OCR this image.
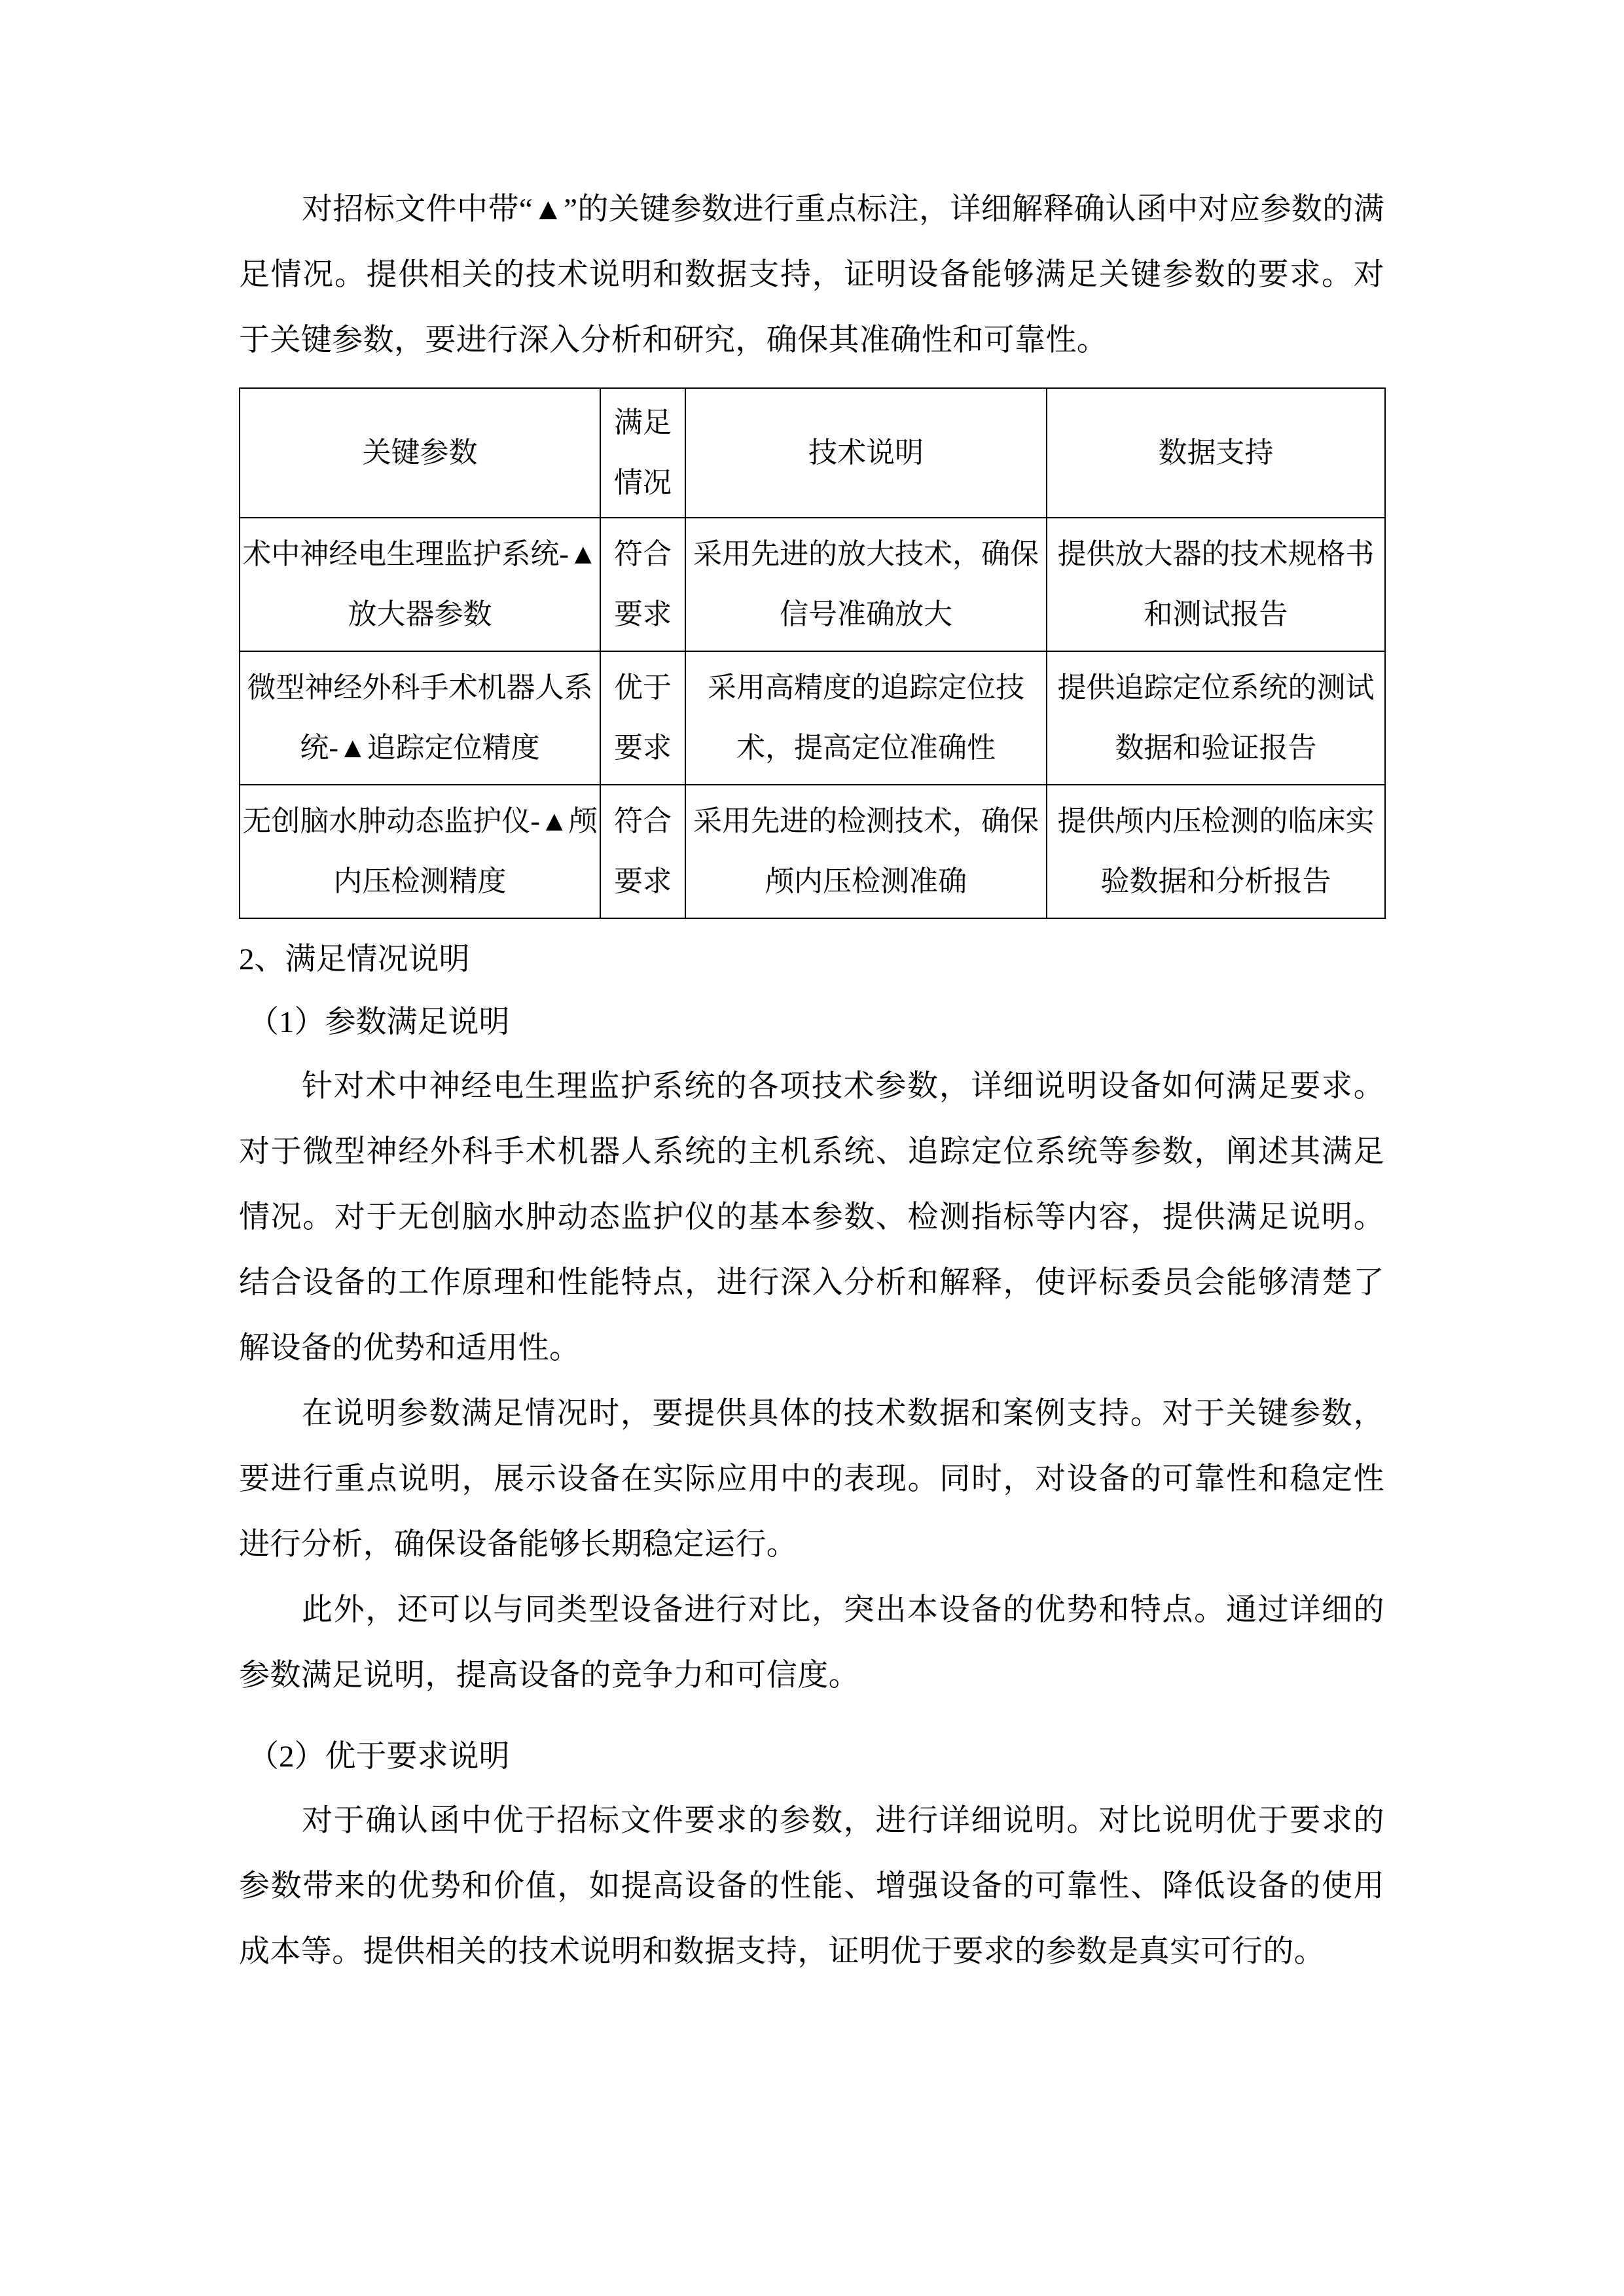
对招标文件中带“▲”的关键参数进行重点标注，详细解释确认函中对应参数的满足情况。提供相关的技术说明和数据支持，证明设备能够满足关键参数的要求。对于关键参数，要进行深入分析和研究，确保其准确性和可靠性。

关键参数	满足情况	技术说明	数据支持
术中神经电生理监护系统-▲放大器参数	符合要求	采用先进的放大技术，确保信号准确放大	提供放大器的技术规格书和测试报告
微型神经外科手术机器人系统-▲追踪定位精度	优于要求	采用高精度的追踪定位技术，提高定位准确性	提供追踪定位系统的测试数据和验证报告
无创脑水肿动态监护仪-▲颅内压检测精度	符合要求	采用先进的检测技术，确保颅内压检测准确	提供颅内压检测的临床实验数据和分析报告

2、满足情况说明

（1）参数满足说明

针对术中神经电生理监护系统的各项技术参数，详细说明设备如何满足要求。对于微型神经外科手术机器人系统的主机系统、追踪定位系统等参数，阐述其满足情况。对于无创脑水肿动态监护仪的基本参数、检测指标等内容，提供满足说明。结合设备的工作原理和性能特点，进行深入分析和解释，使评标委员会能够清楚了解设备的优势和适用性。

在说明参数满足情况时，要提供具体的技术数据和案例支持。对于关键参数，要进行重点说明，展示设备在实际应用中的表现。同时，对设备的可靠性和稳定性进行分析，确保设备能够长期稳定运行。

此外，还可以与同类型设备进行对比，突出本设备的优势和特点。通过详细的参数满足说明，提高设备的竞争力和可信度。

（2）优于要求说明

对于确认函中优于招标文件要求的参数，进行详细说明。对比说明优于要求的参数带来的优势和价值，如提高设备的性能、增强设备的可靠性、降低设备的使用成本等。提供相关的技术说明和数据支持，证明优于要求的参数是真实可行的。
